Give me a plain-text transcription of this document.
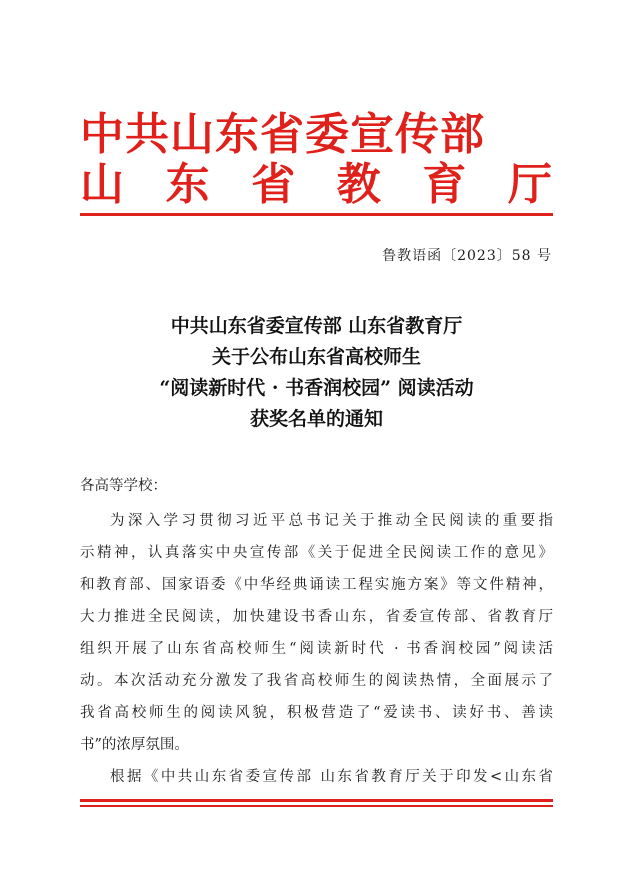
中共山东省委宣传部
山 东 省 教 育 厅
鲁教语函〔2023〕58 号
中共山东省委宣传部 山东省教育厅
关于公布山东省高校师生
“阅读新时代 · 书香润校园” 阅读活动
获奖名单的通知
各高等学校：
为深入学习贯彻习近平总书记关于推动全民阅读的重要指
示精神，认真落实中央宣传部《关于促进全民阅读工作的意见》
和教育部、国家语委《中华经典诵读工程实施方案》等文件精神，
大力推进全民阅读，加快建设书香山东，省委宣传部、省教育厅
组织开展了山东省高校师生“阅读新时代 · 书香润校园”阅读活
动。本次活动充分激发了我省高校师生的阅读热情，全面展示了
我省高校师生的阅读风貌，积极营造了“爱读书、读好书、善读
书”的浓厚氛围。
根据《中共山东省委宣传部 山东省教育厅关于印发<山东省
